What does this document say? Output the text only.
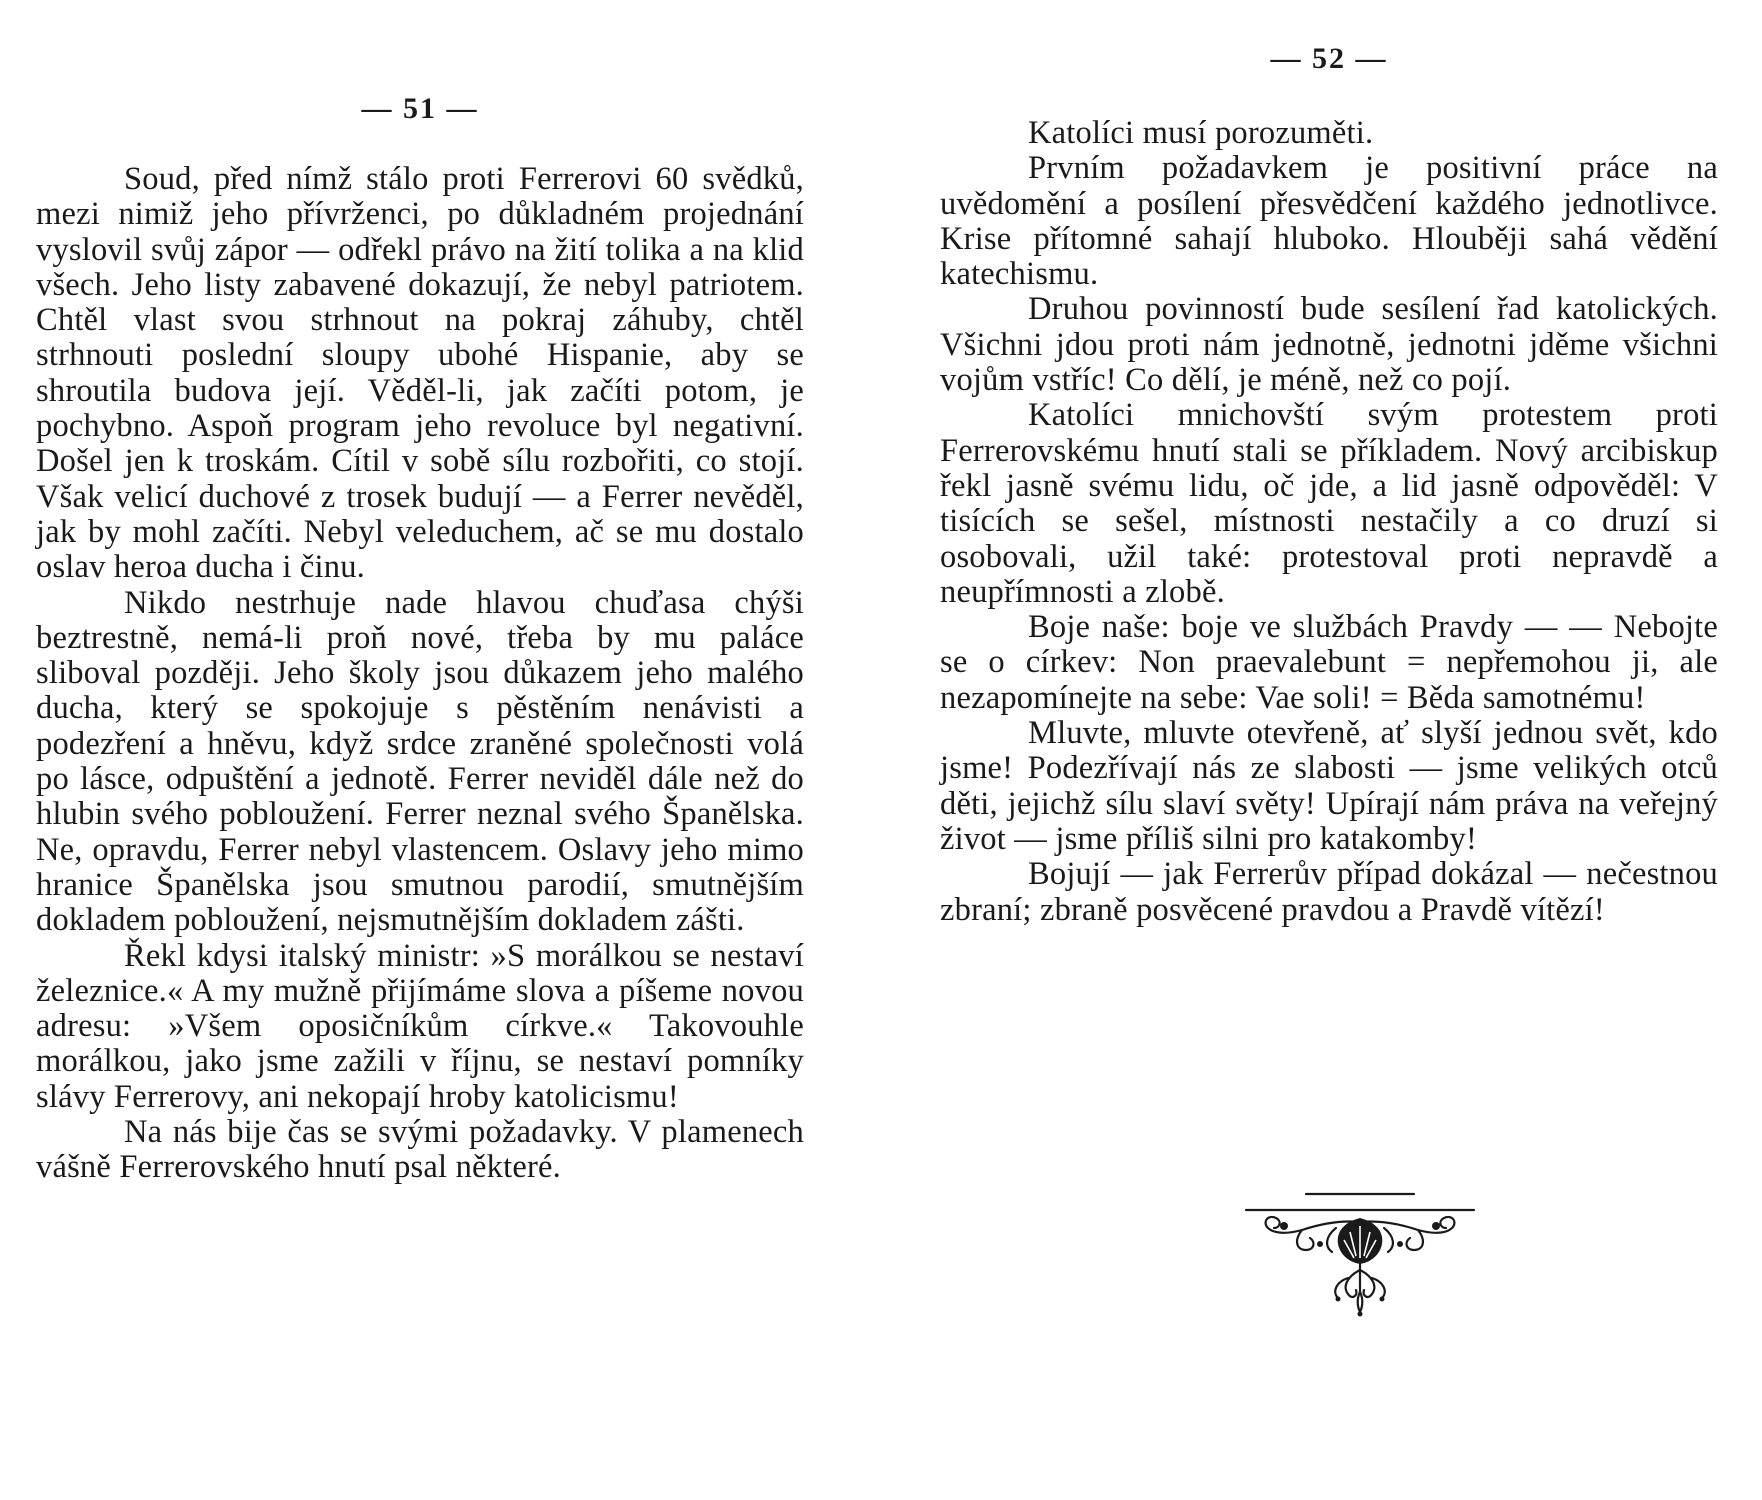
— 51 —

Soud, před nímž stálo proti Ferrerovi 60 svědků, mezi nimiž jeho přívrženci, po důkladném projednání vyslovil svůj zápor — odřekl právo na žití tolika a na klid všech. Jeho listy zabavené dokazují, že nebyl patriotem. Chtěl vlast svou strhnout na pokraj záhuby, chtěl strhnouti poslední sloupy ubohé Hispanie, aby se shroutila budova její. Věděl-li, jak začíti potom, je pochybno. Aspoň program jeho revoluce byl negativní. Došel jen k troskám. Cítil v sobě sílu rozbořiti, co stojí. Však velicí duchové z trosek budují — a Ferrer nevěděl, jak by mohl začíti. Nebyl veleduchem, ač se mu dostalo oslav heroa ducha i činu.

Nikdo nestrhuje nade hlavou chuďasa chýši beztrestně, nemá-li proň nové, třeba by mu paláce sliboval později. Jeho školy jsou důkazem jeho malého ducha, který se spokojuje s pěstěním nenávisti a podezření a hněvu, když srdce zraněné společnosti volá po lásce, odpuštění a jednotě. Ferrer neviděl dále než do hlubin svého pobloužení. Ferrer neznal svého Španělska. Ne, opravdu, Ferrer nebyl vlastencem. Oslavy jeho mimo hranice Španělska jsou smutnou parodií, smutnějším dokladem pobloužení, nejsmutnějším dokladem zášti.

Řekl kdysi italský ministr: »S morálkou se nestaví železnice.« A my mužně přijímáme slova a píšeme novou adresu: »Všem oposičníkům církve.« Takovouhle morálkou, jako jsme zažili v říjnu, se nestaví pomníky slávy Ferrerovy, ani nekopají hroby katolicismu!

Na nás bije čas se svými požadavky. V plamenech vášně Ferrerovského hnutí psal některé.

— 52 —

Katolíci musí porozuměti.

Prvním požadavkem je positivní práce na uvědomění a posílení přesvědčení každého jednotlivce. Krise přítomné sahají hluboko. Hlouběji sahá vědění katechismu.

Druhou povinností bude sesílení řad katolických. Všichni jdou proti nám jednotně, jednotni jděme všichni vojům vstříc! Co dělí, je méně, než co pojí.

Katolíci mnichovští svým protestem proti Ferrerovskému hnutí stali se příkladem. Nový arcibiskup řekl jasně svému lidu, oč jde, a lid jasně odpověděl: V tisících se sešel, místnosti nestačily a co druzí si osobovali, užil také: protestoval proti nepravdě a neupřímnosti a zlobě.

Boje naše: boje ve službách Pravdy — — Nebojte se o církev: Non praevalebunt = nepřemohou ji, ale nezapomínejte na sebe: Vae soli! = Běda samotnému!

Mluvte, mluvte otevřeně, ať slyší jednou svět, kdo jsme! Podezřívají nás ze slabosti — jsme velikých otců děti, jejichž sílu slaví světy! Upírají nám práva na veřejný život — jsme příliš silni pro katakomby!

Bojují — jak Ferrerův případ dokázal — nečestnou zbraní; zbraně posvěcené pravdou a Pravdě vítězí!
